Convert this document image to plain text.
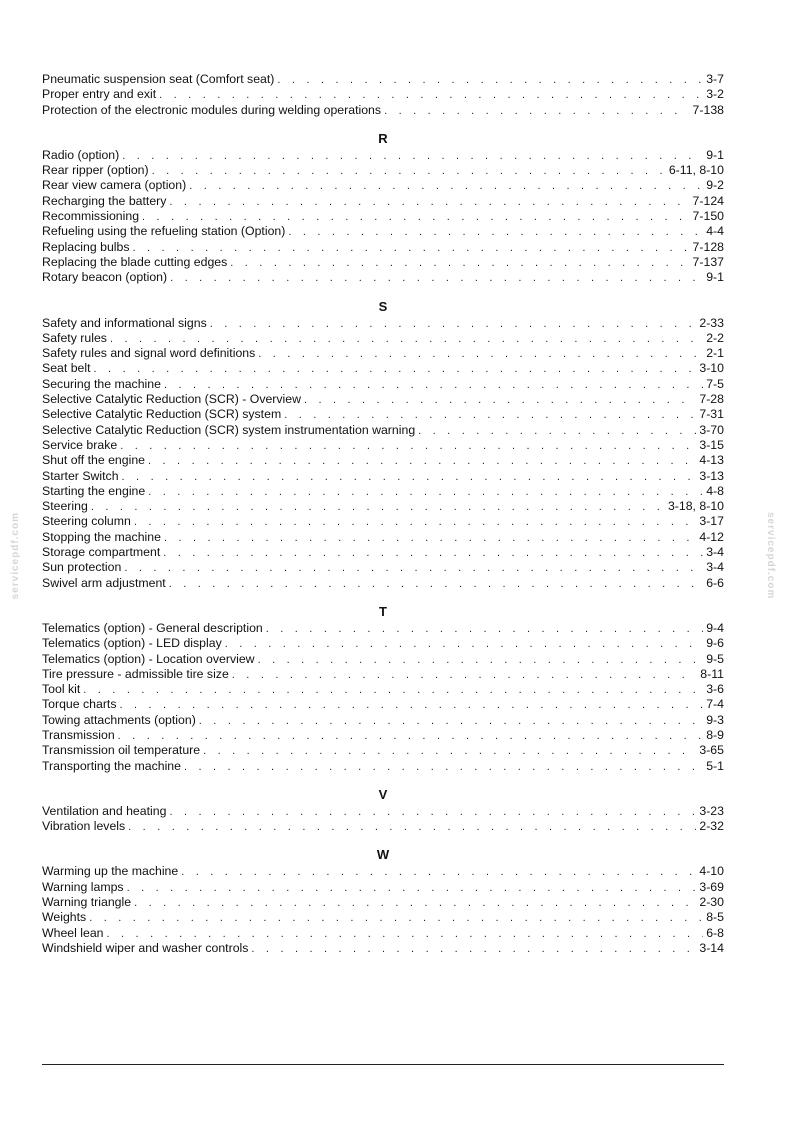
servicepdf.com	servicepdf.com
Pneumatic suspension seat (Comfort seat) . . .	3-7
Proper entry and exit . . .	3-2
Protection of the electronic modules during welding operations . . .	7-138
R
Radio (option) . . .	9-1
Rear ripper (option) . . .	6-11, 8-10
Rear view camera (option) . . .	9-2
Recharging the battery . . .	7-124
Recommissioning . . .	7-150
Refueling using the refueling station (Option) . . .	4-4
Replacing bulbs . . .	7-128
Replacing the blade cutting edges . . .	7-137
Rotary beacon (option) . . .	9-1
S
Safety and informational signs . . .	2-33
Safety rules . . .	2-2
Safety rules and signal word definitions . . .	2-1
Seat belt . . .	3-10
Securing the machine . . .	7-5
Selective Catalytic Reduction (SCR) - Overview . . .	7-28
Selective Catalytic Reduction (SCR) system . . .	7-31
Selective Catalytic Reduction (SCR) system instrumentation warning . . .	3-70
Service brake . . .	3-15
Shut off the engine . . .	4-13
Starter Switch . . .	3-13
Starting the engine . . .	4-8
Steering . . .	3-18, 8-10
Steering column . . .	3-17
Stopping the machine . . .	4-12
Storage compartment . . .	3-4
Sun protection . . .	3-4
Swivel arm adjustment . . .	6-6
T
Telematics (option) - General description . . .	9-4
Telematics (option) - LED display . . .	9-6
Telematics (option) - Location overview . . .	9-5
Tire pressure - admissible tire size . . .	8-11
Tool kit . . .	3-6
Torque charts . . .	7-4
Towing attachments (option) . . .	9-3
Transmission . . .	8-9
Transmission oil temperature . . .	3-65
Transporting the machine . . .	5-1
V
Ventilation and heating . . .	3-23
Vibration levels . . .	2-32
W
Warming up the machine . . .	4-10
Warning lamps . . .	3-69
Warning triangle . . .	2-30
Weights . . .	8-5
Wheel lean . . .	6-8
Windshield wiper and washer controls . . .	3-14
